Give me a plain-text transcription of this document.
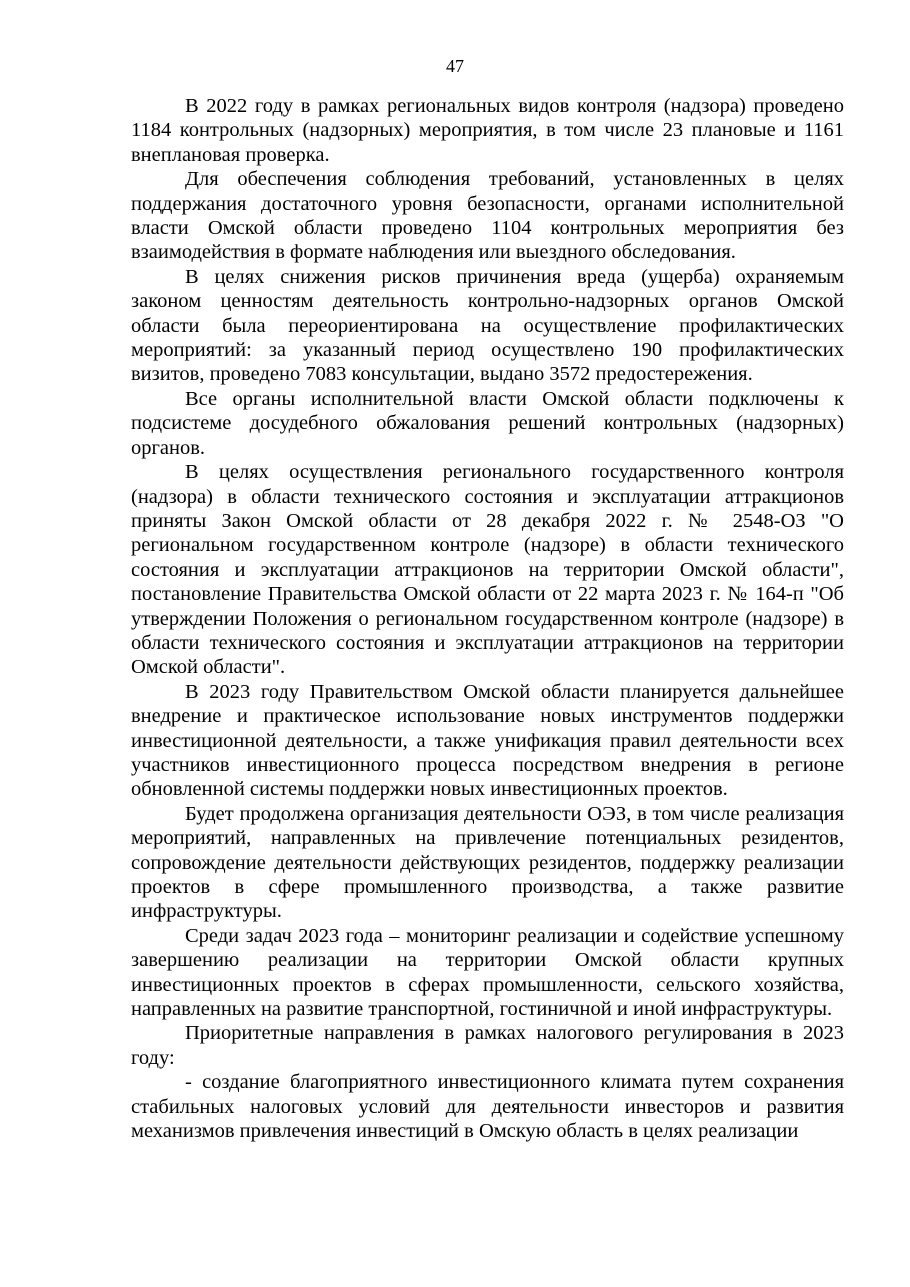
47

В 2022 году в рамках региональных видов контроля (надзора) проведено 1184 контрольных (надзорных) мероприятия, в том числе 23 плановые и 1161 внеплановая проверка.

Для обеспечения соблюдения требований, установленных в целях поддержания достаточного уровня безопасности, органами исполнительной власти Омской области проведено 1104 контрольных мероприятия без взаимодействия в формате наблюдения или выездного обследования.

В целях снижения рисков причинения вреда (ущерба) охраняемым законом ценностям деятельность контрольно-надзорных органов Омской области была переориентирована на осуществление профилактических мероприятий: за указанный период осуществлено 190 профилактических визитов, проведено 7083 консультации, выдано 3572 предостережения.

Все органы исполнительной власти Омской области подключены к подсистеме досудебного обжалования решений контрольных (надзорных) органов.

В целях осуществления регионального государственного контроля (надзора) в области технического состояния и эксплуатации аттракционов приняты Закон Омской области от 28 декабря 2022 г. № 2548-ОЗ "О региональном государственном контроле (надзоре) в области технического состояния и эксплуатации аттракционов на территории Омской области", постановление Правительства Омской области от 22 марта 2023 г. № 164-п "Об утверждении Положения о региональном государственном контроле (надзоре) в области технического состояния и эксплуатации аттракционов на территории Омской области".

В 2023 году Правительством Омской области планируется дальнейшее внедрение и практическое использование новых инструментов поддержки инвестиционной деятельности, а также унификация правил деятельности всех участников инвестиционного процесса посредством внедрения в регионе обновленной системы поддержки новых инвестиционных проектов.

Будет продолжена организация деятельности ОЭЗ, в том числе реализация мероприятий, направленных на привлечение потенциальных резидентов, сопровождение деятельности действующих резидентов, поддержку реализации проектов в сфере промышленного производства, а также развитие инфраструктуры.

Среди задач 2023 года – мониторинг реализации и содействие успешному завершению реализации на территории Омской области крупных инвестиционных проектов в сферах промышленности, сельского хозяйства, направленных на развитие транспортной, гостиничной и иной инфраструктуры.

Приоритетные направления в рамках налогового регулирования в 2023 году:

- создание благоприятного инвестиционного климата путем сохранения стабильных налоговых условий для деятельности инвесторов и развития механизмов привлечения инвестиций в Омскую область в целях реализации
